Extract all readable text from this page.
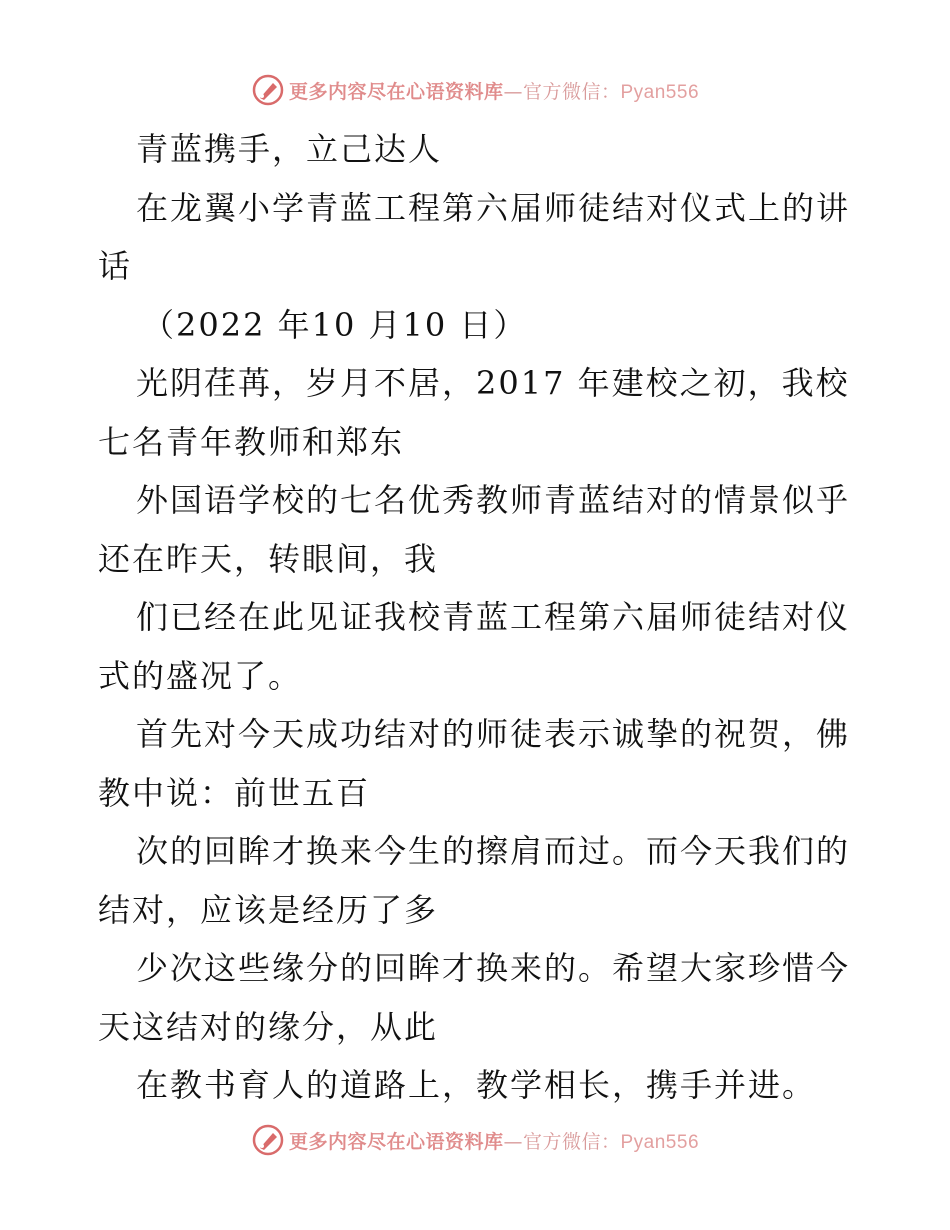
更多内容尽在心语资料库—官方微信：Pyan556
青蓝携手，立己达人
在龙翼小学青蓝工程第六届师徒结对仪式上的讲
话
（2022 年10 月10 日）
光阴荏苒，岁月不居，2017 年建校之初，我校
七名青年教师和郑东
外国语学校的七名优秀教师青蓝结对的情景似乎
还在昨天，转眼间，我
们已经在此见证我校青蓝工程第六届师徒结对仪
式的盛况了。
首先对今天成功结对的师徒表示诚挚的祝贺，佛
教中说：前世五百
次的回眸才换来今生的擦肩而过。而今天我们的
结对，应该是经历了多
少次这些缘分的回眸才换来的。希望大家珍惜今
天这结对的缘分，从此
在教书育人的道路上，教学相长，携手并进。
更多内容尽在心语资料库—官方微信：Pyan556
